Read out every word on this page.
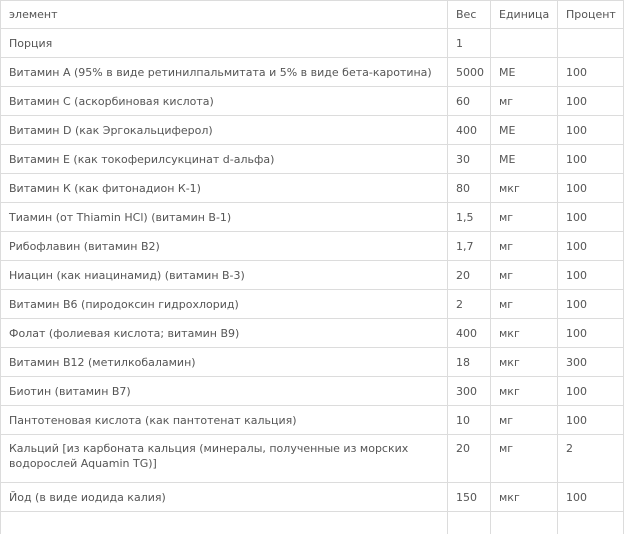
элемент	Вес	Единица	Процент
Порция	1		
Витамин А (95% в виде ретинилпальмитата и 5% в виде бета-каротина)	5000	МЕ	100
Витамин С (аскорбиновая кислота)	60	мг	100
Витамин D (как Эргокальциферол)	400	МЕ	100
Витамин Е (как токоферилсукцинат d-альфа)	30	МЕ	100
Витамин К (как фитонадион К-1)	80	мкг	100
Тиамин (от Thiamin HCl) (витамин В-1)	1,5	мг	100
Рибофлавин (витамин В2)	1,7	мг	100
Ниацин (как ниацинамид) (витамин В-3)	20	мг	100
Витамин В6 (пиродоксин гидрохлорид)	2	мг	100
Фолат (фолиевая кислота; витамин В9)	400	мкг	100
Витамин В12 (метилкобаламин)	18	мкг	300
Биотин (витамин В7)	300	мкг	100
Пантотеновая кислота (как пантотенат кальция)	10	мг	100
Кальций [из карбоната кальция (минералы, полученные из морских водорослей Aquamin TG)]	20	мг	2
Йод (в виде иодида калия)	150	мкг	100
